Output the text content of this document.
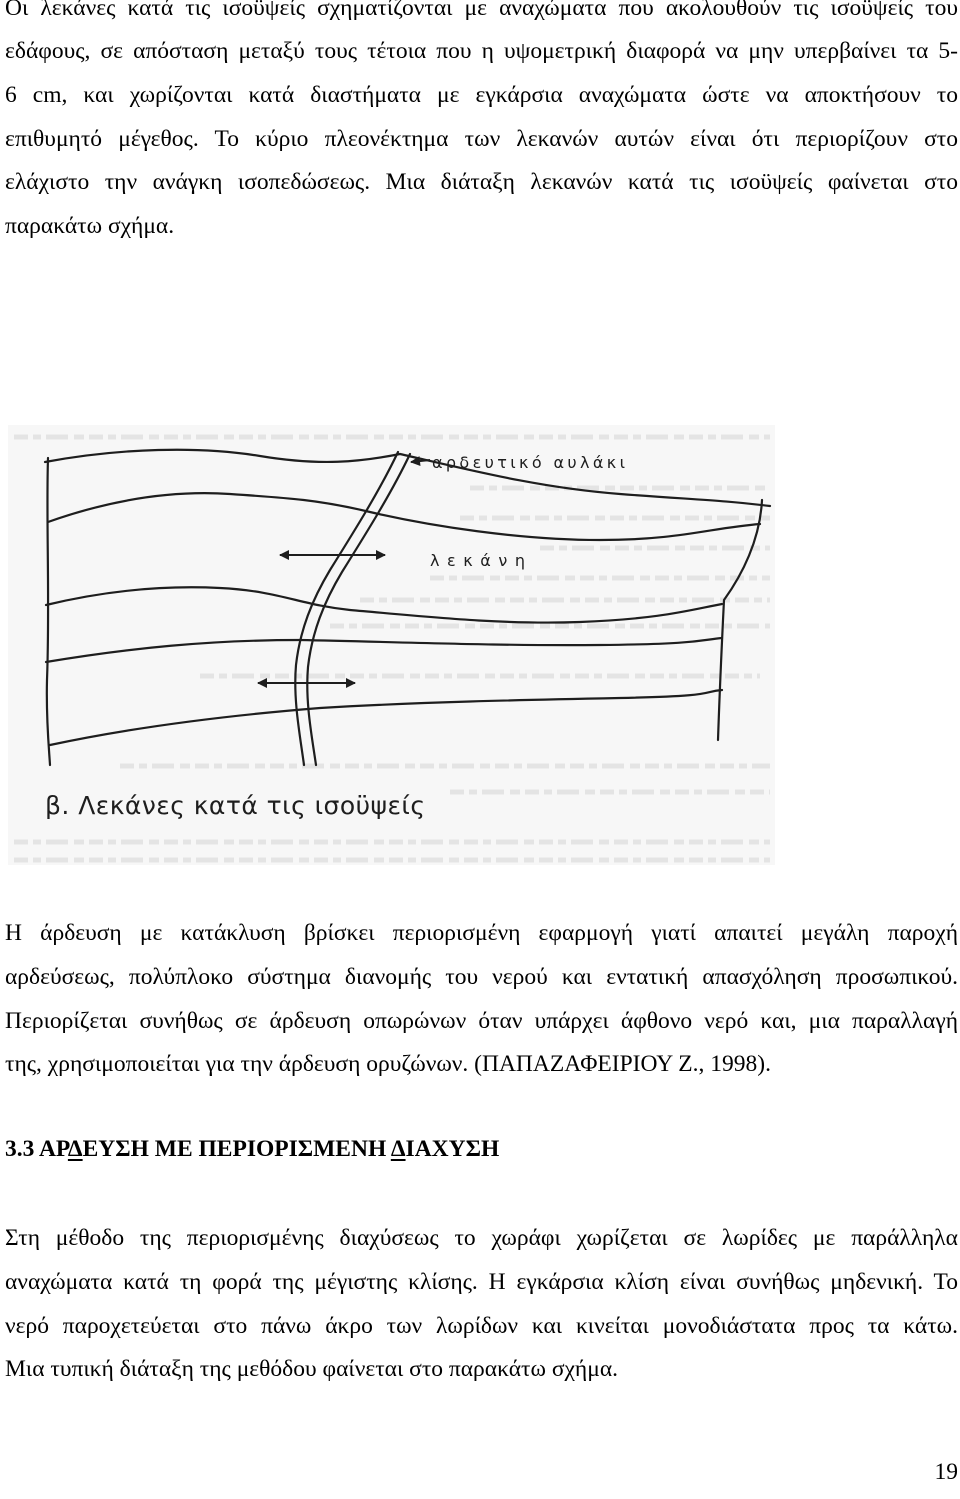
Οι λεκάνες κατά τις ισοϋψείς σχηματίζονται με αναχώματα που ακολουθούν τις ισοϋψείς του
εδάφους, σε απόσταση μεταξύ τους τέτοια που η υψομετρική διαφορά να μην υπερβαίνει τα 5-
6 cm, και χωρίζονται κατά διαστήματα με εγκάρσια αναχώματα ώστε να αποκτήσουν το
επιθυμητό μέγεθος. Το κύριο πλεονέκτημα των λεκανών αυτών είναι ότι περιορίζουν στο
ελάχιστο την ανάγκη ισοπεδώσεως. Μια διάταξη λεκανών κατά τις ισοϋψείς φαίνεται στο
παρακάτω σχήμα.
αρδευτικό αυλάκι
λεκάνη
β. Λεκάνες κατά τις ισοϋψείς
Η άρδευση με κατάκλυση βρίσκει περιορισμένη εφαρμογή γιατί απαιτεί μεγάλη παροχή
αρδεύσεως, πολύπλοκο σύστημα διανομής του νερού και εντατική απασχόληση προσωπικού.
Περιορίζεται συνήθως σε άρδευση οπωρώνων όταν υπάρχει άφθονο νερό και, μια παραλλαγή
της, χρησιμοποιείται για την άρδευση ορυζώνων. (ΠΑΠΑΖΑΦΕΙΡΙΟΥ Ζ., 1998).
3.3 ΑΡΔΕΥΣΗ ΜΕ ΠΕΡΙΟΡΙΣΜΕΝΗ ΔΙΑΧΥΣΗ
Στη μέθοδο της περιορισμένης διαχύσεως το χωράφι χωρίζεται σε λωρίδες με παράλληλα
αναχώματα κατά τη φορά της μέγιστης κλίσης. Η εγκάρσια κλίση είναι συνήθως μηδενική. Το
νερό παροχετεύεται στο πάνω άκρο των λωρίδων και κινείται μονοδιάστατα προς τα κάτω.
Μια τυπική διάταξη της μεθόδου φαίνεται στο παρακάτω σχήμα.
19
